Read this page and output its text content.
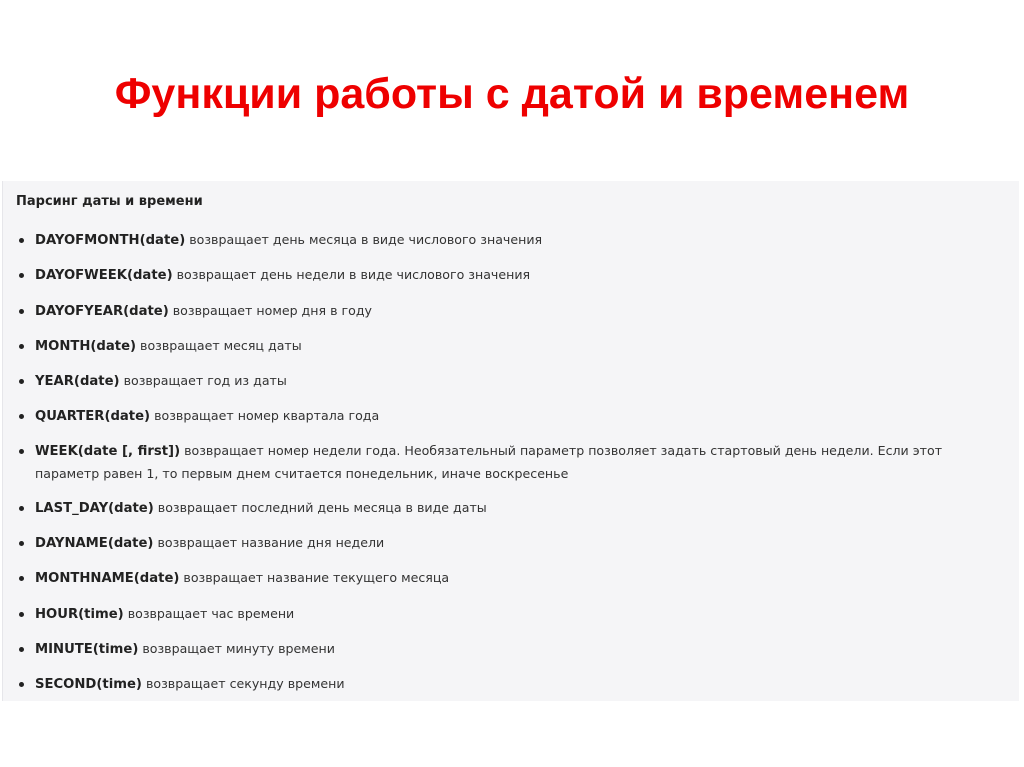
Функции работы с датой и временем
Парсинг даты и времени
DAYOFMONTH(date) возвращает день месяца в виде числового значения
DAYOFWEEK(date) возвращает день недели в виде числового значения
DAYOFYEAR(date) возвращает номер дня в году
MONTH(date) возвращает месяц даты
YEAR(date) возвращает год из даты
QUARTER(date) возвращает номер квартала года
WEEK(date [, first]) возвращает номер недели года. Необязательный параметр позволяет задать стартовый день недели. Если этот параметр равен 1, то первым днем считается понедельник, иначе воскресенье
LAST_DAY(date) возвращает последний день месяца в виде даты
DAYNAME(date) возвращает название дня недели
MONTHNAME(date) возвращает название текущего месяца
HOUR(time) возвращает час времени
MINUTE(time) возвращает минуту времени
SECOND(time) возвращает секунду времени
